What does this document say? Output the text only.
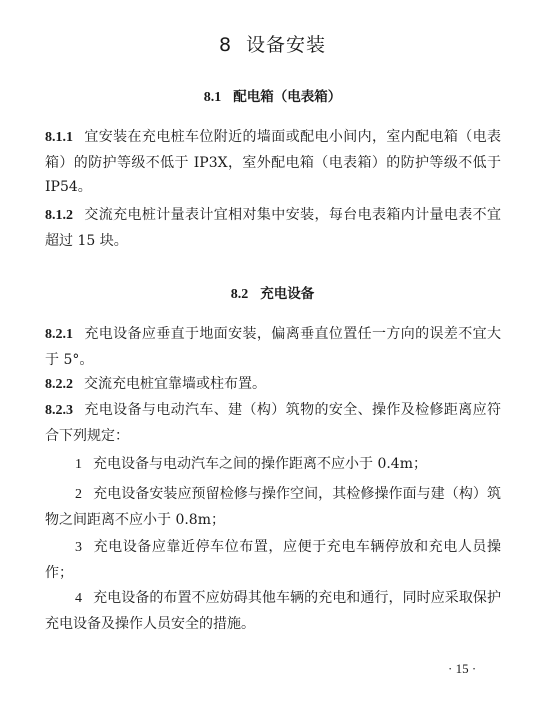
8 设备安装
8.1 配电箱（电表箱）
8.1.1 宜安装在充电桩车位附近的墙面或配电小间内，室内配电箱（电表箱）的防护等级不低于 IP3X，室外配电箱（电表箱）的防护等级不低于 IP54。
8.1.2 交流充电桩计量表计宜相对集中安装，每台电表箱内计量电表不宜超过 15 块。
8.2 充电设备
8.2.1 充电设备应垂直于地面安装，偏离垂直位置任一方向的误差不宜大于 5°。
8.2.2 交流充电桩宜靠墙或柱布置。
8.2.3 充电设备与电动汽车、建（构）筑物的安全、操作及检修距离应符合下列规定：
1 充电设备与电动汽车之间的操作距离不应小于 0.4m；
2 充电设备安装应预留检修与操作空间，其检修操作面与建（构）筑物之间距离不应小于 0.8m；
3 充电设备应靠近停车位布置，应便于充电车辆停放和充电人员操作；
4 充电设备的布置不应妨碍其他车辆的充电和通行，同时应采取保护充电设备及操作人员安全的措施。
· 15 ·
